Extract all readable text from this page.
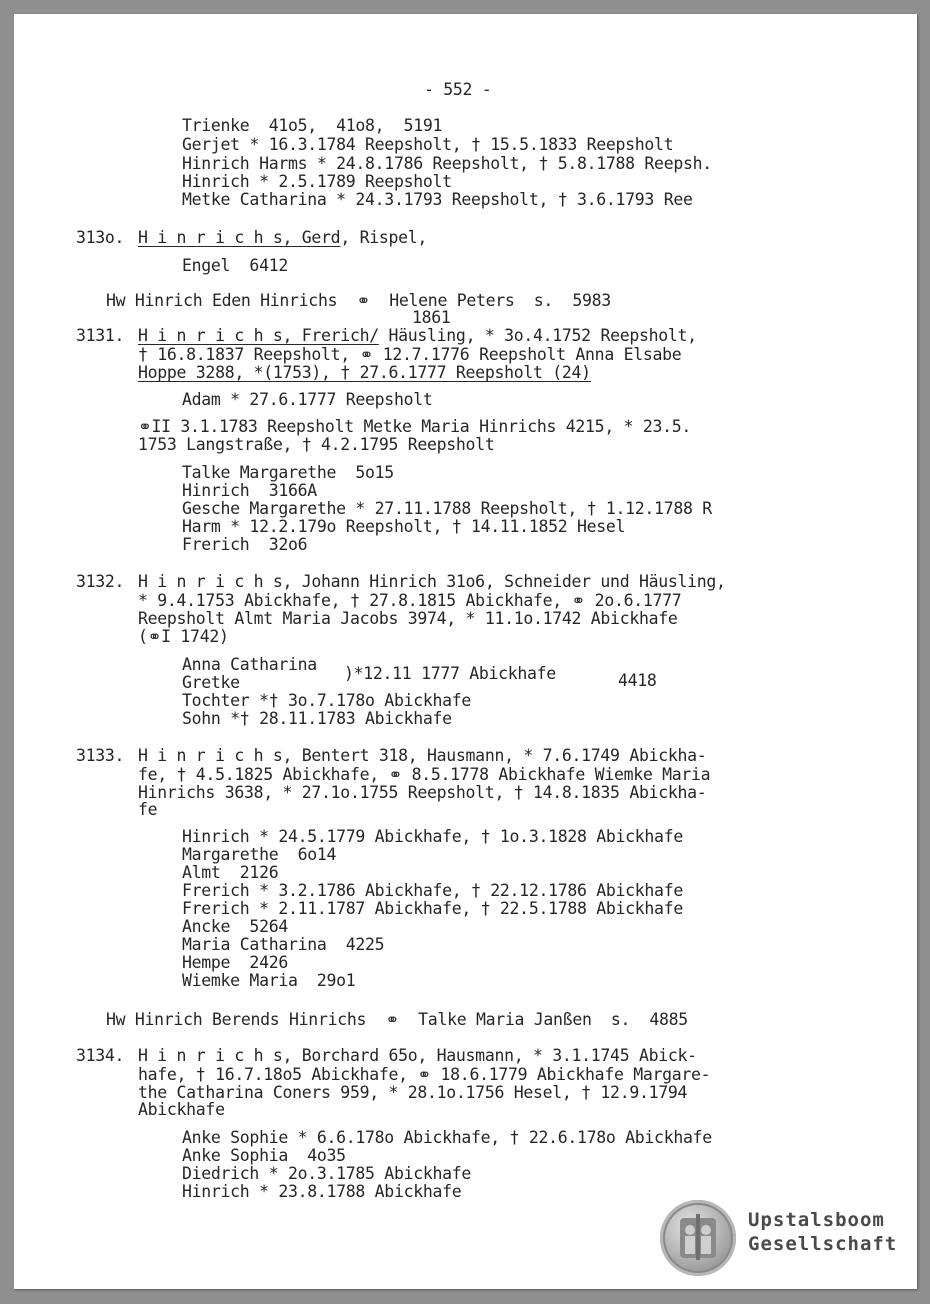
- 552 -
Trienke  41o5,  41o8,  5191
Gerjet * 16.3.1784 Reepsholt, † 15.5.1833 Reepsholt
Hinrich Harms * 24.8.1786 Reepsholt, † 5.8.1788 Reepsh.
Hinrich * 2.5.1789 Reepsholt
Metke Catharina * 24.3.1793 Reepsholt, † 3.6.1793 Ree
313o. H i n r i c h s, Gerd, Rispel,
Engel  6412
Hw Hinrich Eden Hinrichs  ⚭  Helene Peters  s.  5983
1861
3131. H i n r i c h s, Frerich/ Häusling, * 3o.4.1752 Reepsholt,
† 16.8.1837 Reepsholt, ⚭ 12.7.1776 Reepsholt Anna Elsabe
Hoppe 3288, *(1753), † 27.6.1777 Reepsholt (24)
Adam * 27.6.1777 Reepsholt
⚭II 3.1.1783 Reepsholt Metke Maria Hinrichs 4215, * 23.5.
1753 Langstraße, † 4.2.1795 Reepsholt
Talke Margarethe  5o15
Hinrich  3166A
Gesche Margarethe * 27.11.1788 Reepsholt, † 1.12.1788 R
Harm * 12.2.179o Reepsholt, † 14.11.1852 Hesel
Frerich  32o6
3132. H i n r i c h s, Johann Hinrich 31o6, Schneider und Häusling,
* 9.4.1753 Abickhafe, † 27.8.1815 Abickhafe, ⚭ 2o.6.1777
Reepsholt Almt Maria Jacobs 3974, * 11.1o.1742 Abickhafe
(⚭I 1742)
Anna Catharina )*12.11 1777 Abickhafe	4418
Gretke
Tochter *† 3o.7.178o Abickhafe
Sohn *† 28.11.1783 Abickhafe
3133. H i n r i c h s, Bentert 318, Hausmann, * 7.6.1749 Abickha-
fe, † 4.5.1825 Abickhafe, ⚭ 8.5.1778 Abickhafe Wiemke Maria
Hinrichs 3638, * 27.1o.1755 Reepsholt, † 14.8.1835 Abickha-
fe
Hinrich * 24.5.1779 Abickhafe, † 1o.3.1828 Abickhafe
Margarethe  6o14
Almt  2126
Frerich * 3.2.1786 Abickhafe, † 22.12.1786 Abickhafe
Frerich * 2.11.1787 Abickhafe, † 22.5.1788 Abickhafe
Ancke  5264
Maria Catharina  4225
Hempe  2426
Wiemke Maria  29o1
Hw Hinrich Berends Hinrichs  ⚭  Talke Maria Janßen  s.  4885
3134. H i n r i c h s, Borchard 65o, Hausmann, * 3.1.1745 Abick-
hafe, † 16.7.18o5 Abickhafe, ⚭ 18.6.1779 Abickhafe Margare-
the Catharina Coners 959, * 28.1o.1756 Hesel, † 12.9.1794
Abickhafe
Anke Sophie * 6.6.178o Abickhafe, † 22.6.178o Abickhafe
Anke Sophia  4o35
Diedrich * 2o.3.1785 Abickhafe
Hinrich * 23.8.1788 Abickhafe
Upstalsboom
Gesellschaft
